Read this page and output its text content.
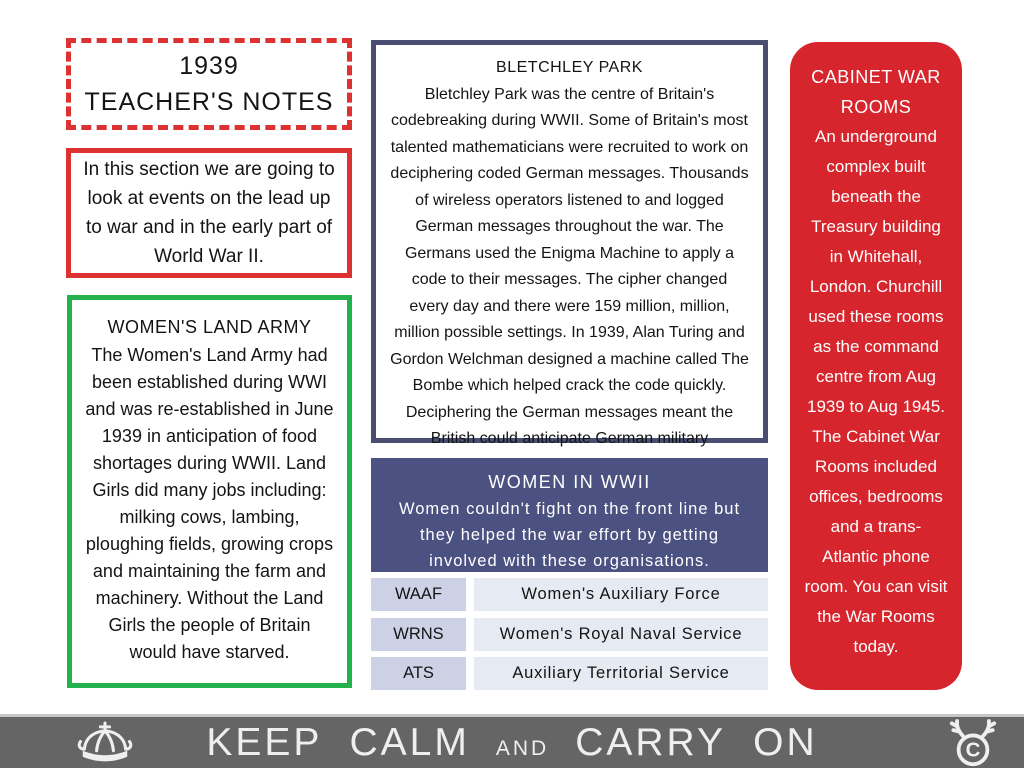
1939
TEACHER'S NOTES

In this section we are going to look at events on the lead up to war and in the early part of World War II.

WOMEN'S LAND ARMY

The Women's Land Army had been established during WWI and was re-established in June 1939 in anticipation of food shortages during WWII. Land Girls did many jobs including: milking cows, lambing, ploughing fields, growing crops and maintaining the farm and machinery. Without the Land Girls the people of Britain would have starved.

BLETCHLEY PARK

Bletchley Park was the centre of Britain's codebreaking during WWII. Some of Britain's most talented mathematicians were recruited to work on deciphering coded German messages. Thousands of wireless operators listened to and logged German messages throughout the war. The Germans used the Enigma Machine to apply a code to their messages. The cipher changed every day and there were 159 million, million, million possible settings. In 1939, Alan Turing and Gordon Welchman designed a machine called The Bombe which helped crack the code quickly. Deciphering the German messages meant the British could anticipate German military

WOMEN IN WWII

Women couldn't fight on the front line but they helped the war effort by getting involved with these organisations.

WAAF	Women's Auxiliary Force
WRNS	Women's Royal Naval Service
ATS	Auxiliary Territorial Service
CABINET WAR ROOMS

An underground complex built beneath the Treasury building in Whitehall, London. Churchill used these rooms as the command centre from Aug 1939 to Aug 1945. The Cabinet War Rooms included offices, bedrooms and a trans-Atlantic phone room. You can visit the War Rooms today.

KEEP CALM AND CARRY ON	C
